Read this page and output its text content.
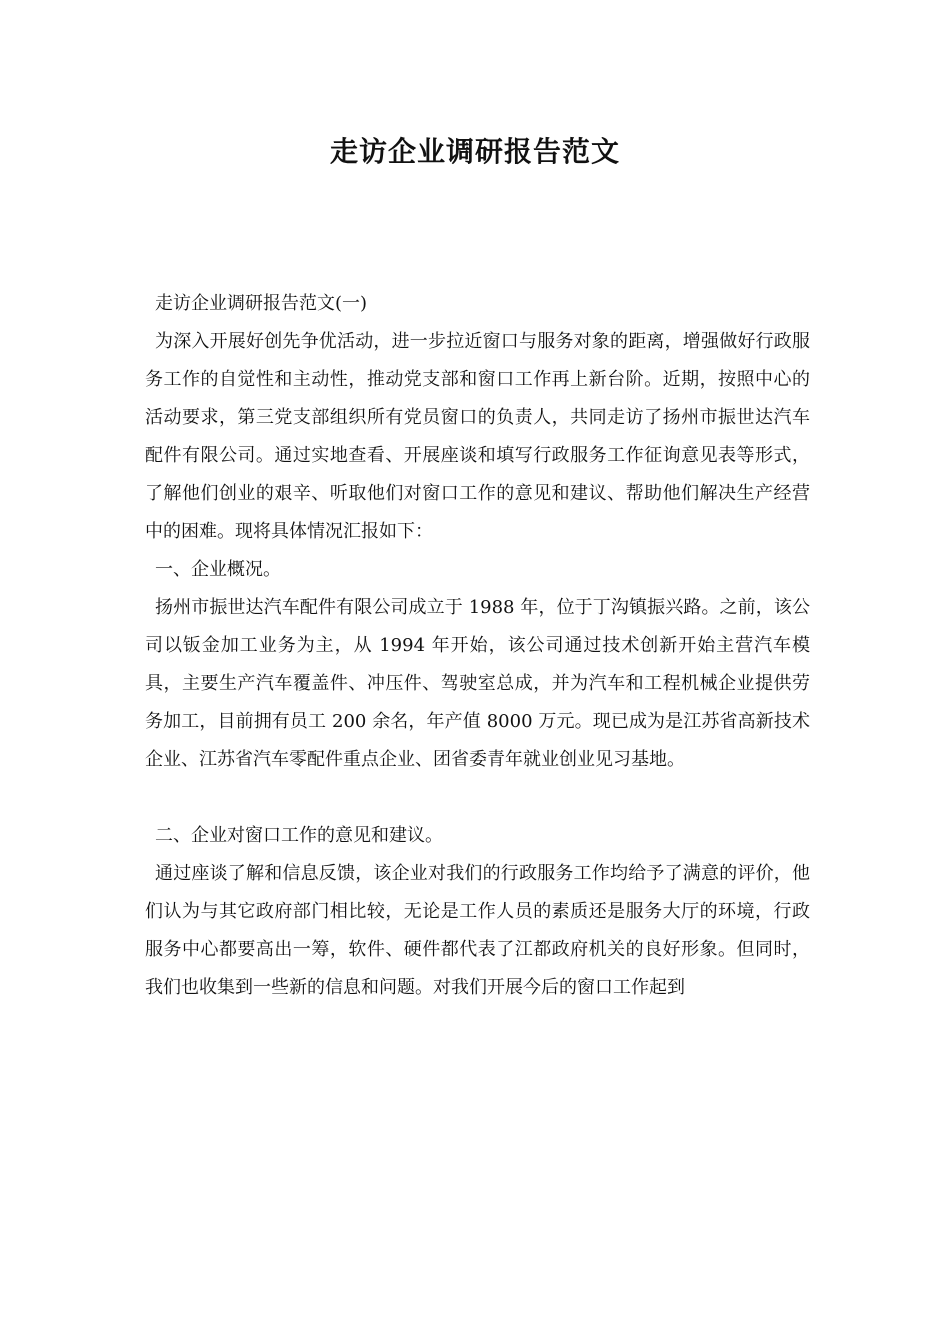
走访企业调研报告范文

走访企业调研报告范文(一)

为深入开展好创先争优活动，进一步拉近窗口与服务对象的距离，增强做好行政服务工作的自觉性和主动性，推动党支部和窗口工作再上新台阶。近期，按照中心的活动要求，第三党支部组织所有党员窗口的负责人，共同走访了扬州市振世达汽车配件有限公司。通过实地查看、开展座谈和填写行政服务工作征询意见表等形式，了解他们创业的艰辛、听取他们对窗口工作的意见和建议、帮助他们解决生产经营中的困难。现将具体情况汇报如下：

一、企业概况。

扬州市振世达汽车配件有限公司成立于 1988 年，位于丁沟镇振兴路。之前，该公司以钣金加工业务为主，从 1994 年开始，该公司通过技术创新开始主营汽车模具，主要生产汽车覆盖件、冲压件、驾驶室总成，并为汽车和工程机械企业提供劳务加工，目前拥有员工 200 余名，年产值 8000 万元。现已成为是江苏省高新技术企业、江苏省汽车零配件重点企业、团省委青年就业创业见习基地。

二、企业对窗口工作的意见和建议。

通过座谈了解和信息反馈，该企业对我们的行政服务工作均给予了满意的评价，他们认为与其它政府部门相比较，无论是工作人员的素质还是服务大厅的环境，行政服务中心都要高出一筹，软件、硬件都代表了江都政府机关的良好形象。但同时，我们也收集到一些新的信息和问题。对我们开展今后的窗口工作起到
